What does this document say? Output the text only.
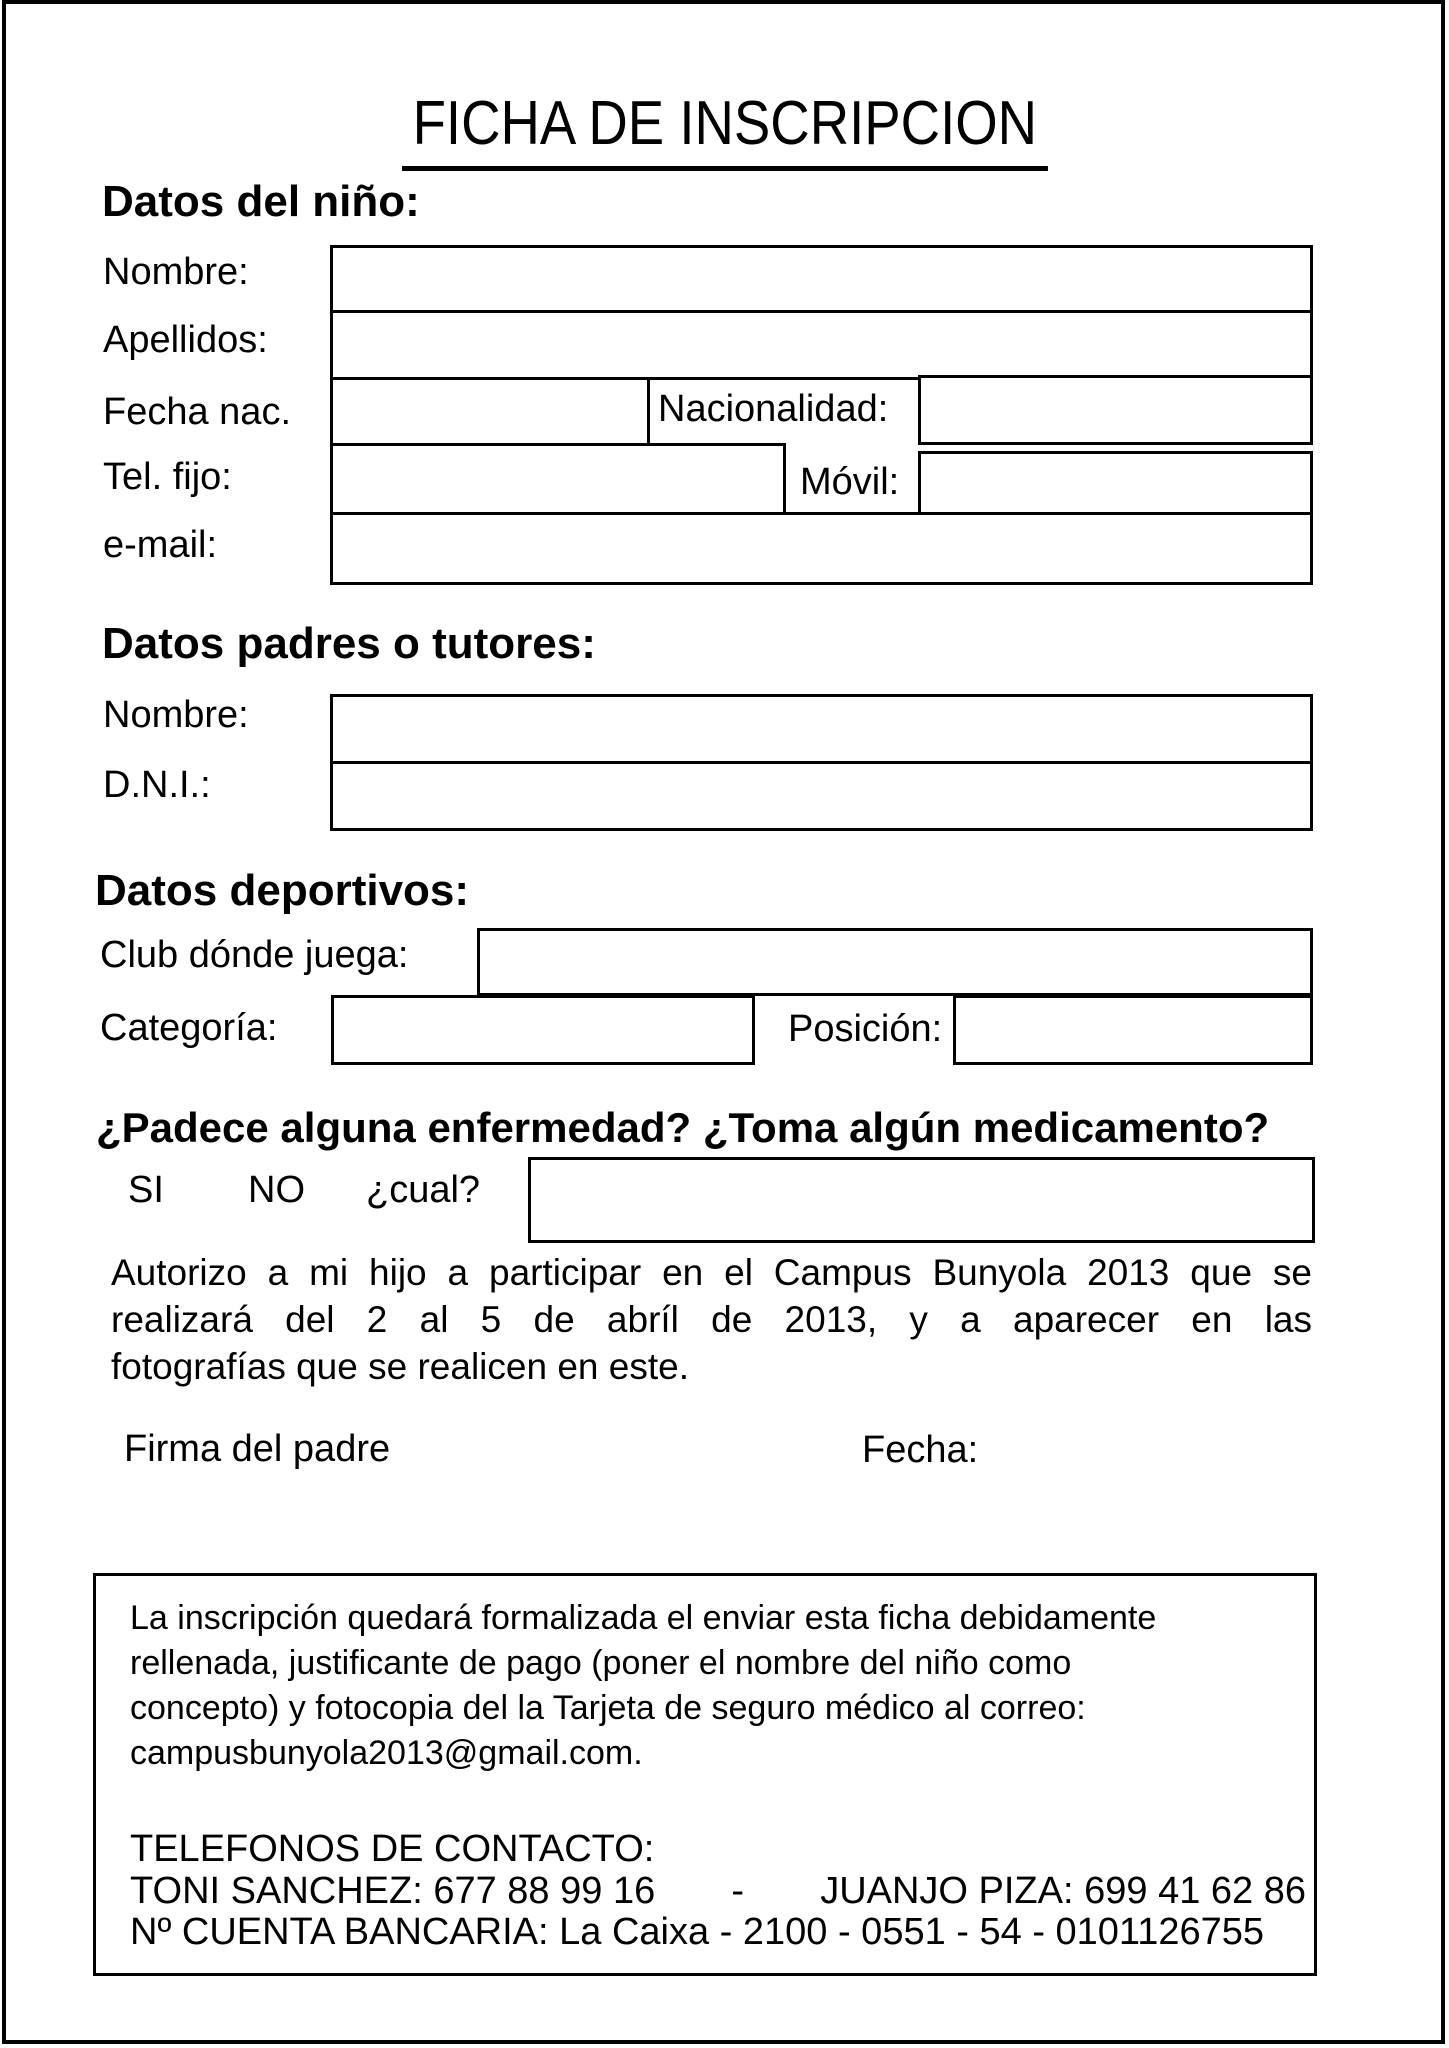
FICHA DE INSCRIPCION
Datos del niño:
Nombre:
Apellidos:
Fecha nac.	Nacionalidad:
Tel. fijo:	Móvil:
e-mail:
Datos padres o tutores:
Nombre:
D.N.I.:
Datos deportivos:
Club dónde juega:
Categoría:	Posición:
¿Padece alguna enfermedad? ¿Toma algún medicamento?
SI NO ¿cual?
Autorizo a mi hijo a participar en el Campus Bunyola 2013 que se
realizará del 2 al 5 de abríl de 2013, y a aparecer en las
fotografías que se realicen en este.
Firma del padre	Fecha:
La inscripción quedará formalizada el enviar esta ficha debidamente
rellenada, justificante de pago (poner el nombre del niño como
concepto) y fotocopia del la Tarjeta de seguro médico al correo:
campusbunyola2013@gmail.com.
TELEFONOS DE CONTACTO:
TONI SANCHEZ: 677 88 99 16 - JUANJO PIZA: 699 41 62 86
Nº CUENTA BANCARIA: La Caixa - 2100 - 0551 - 54 - 0101126755
